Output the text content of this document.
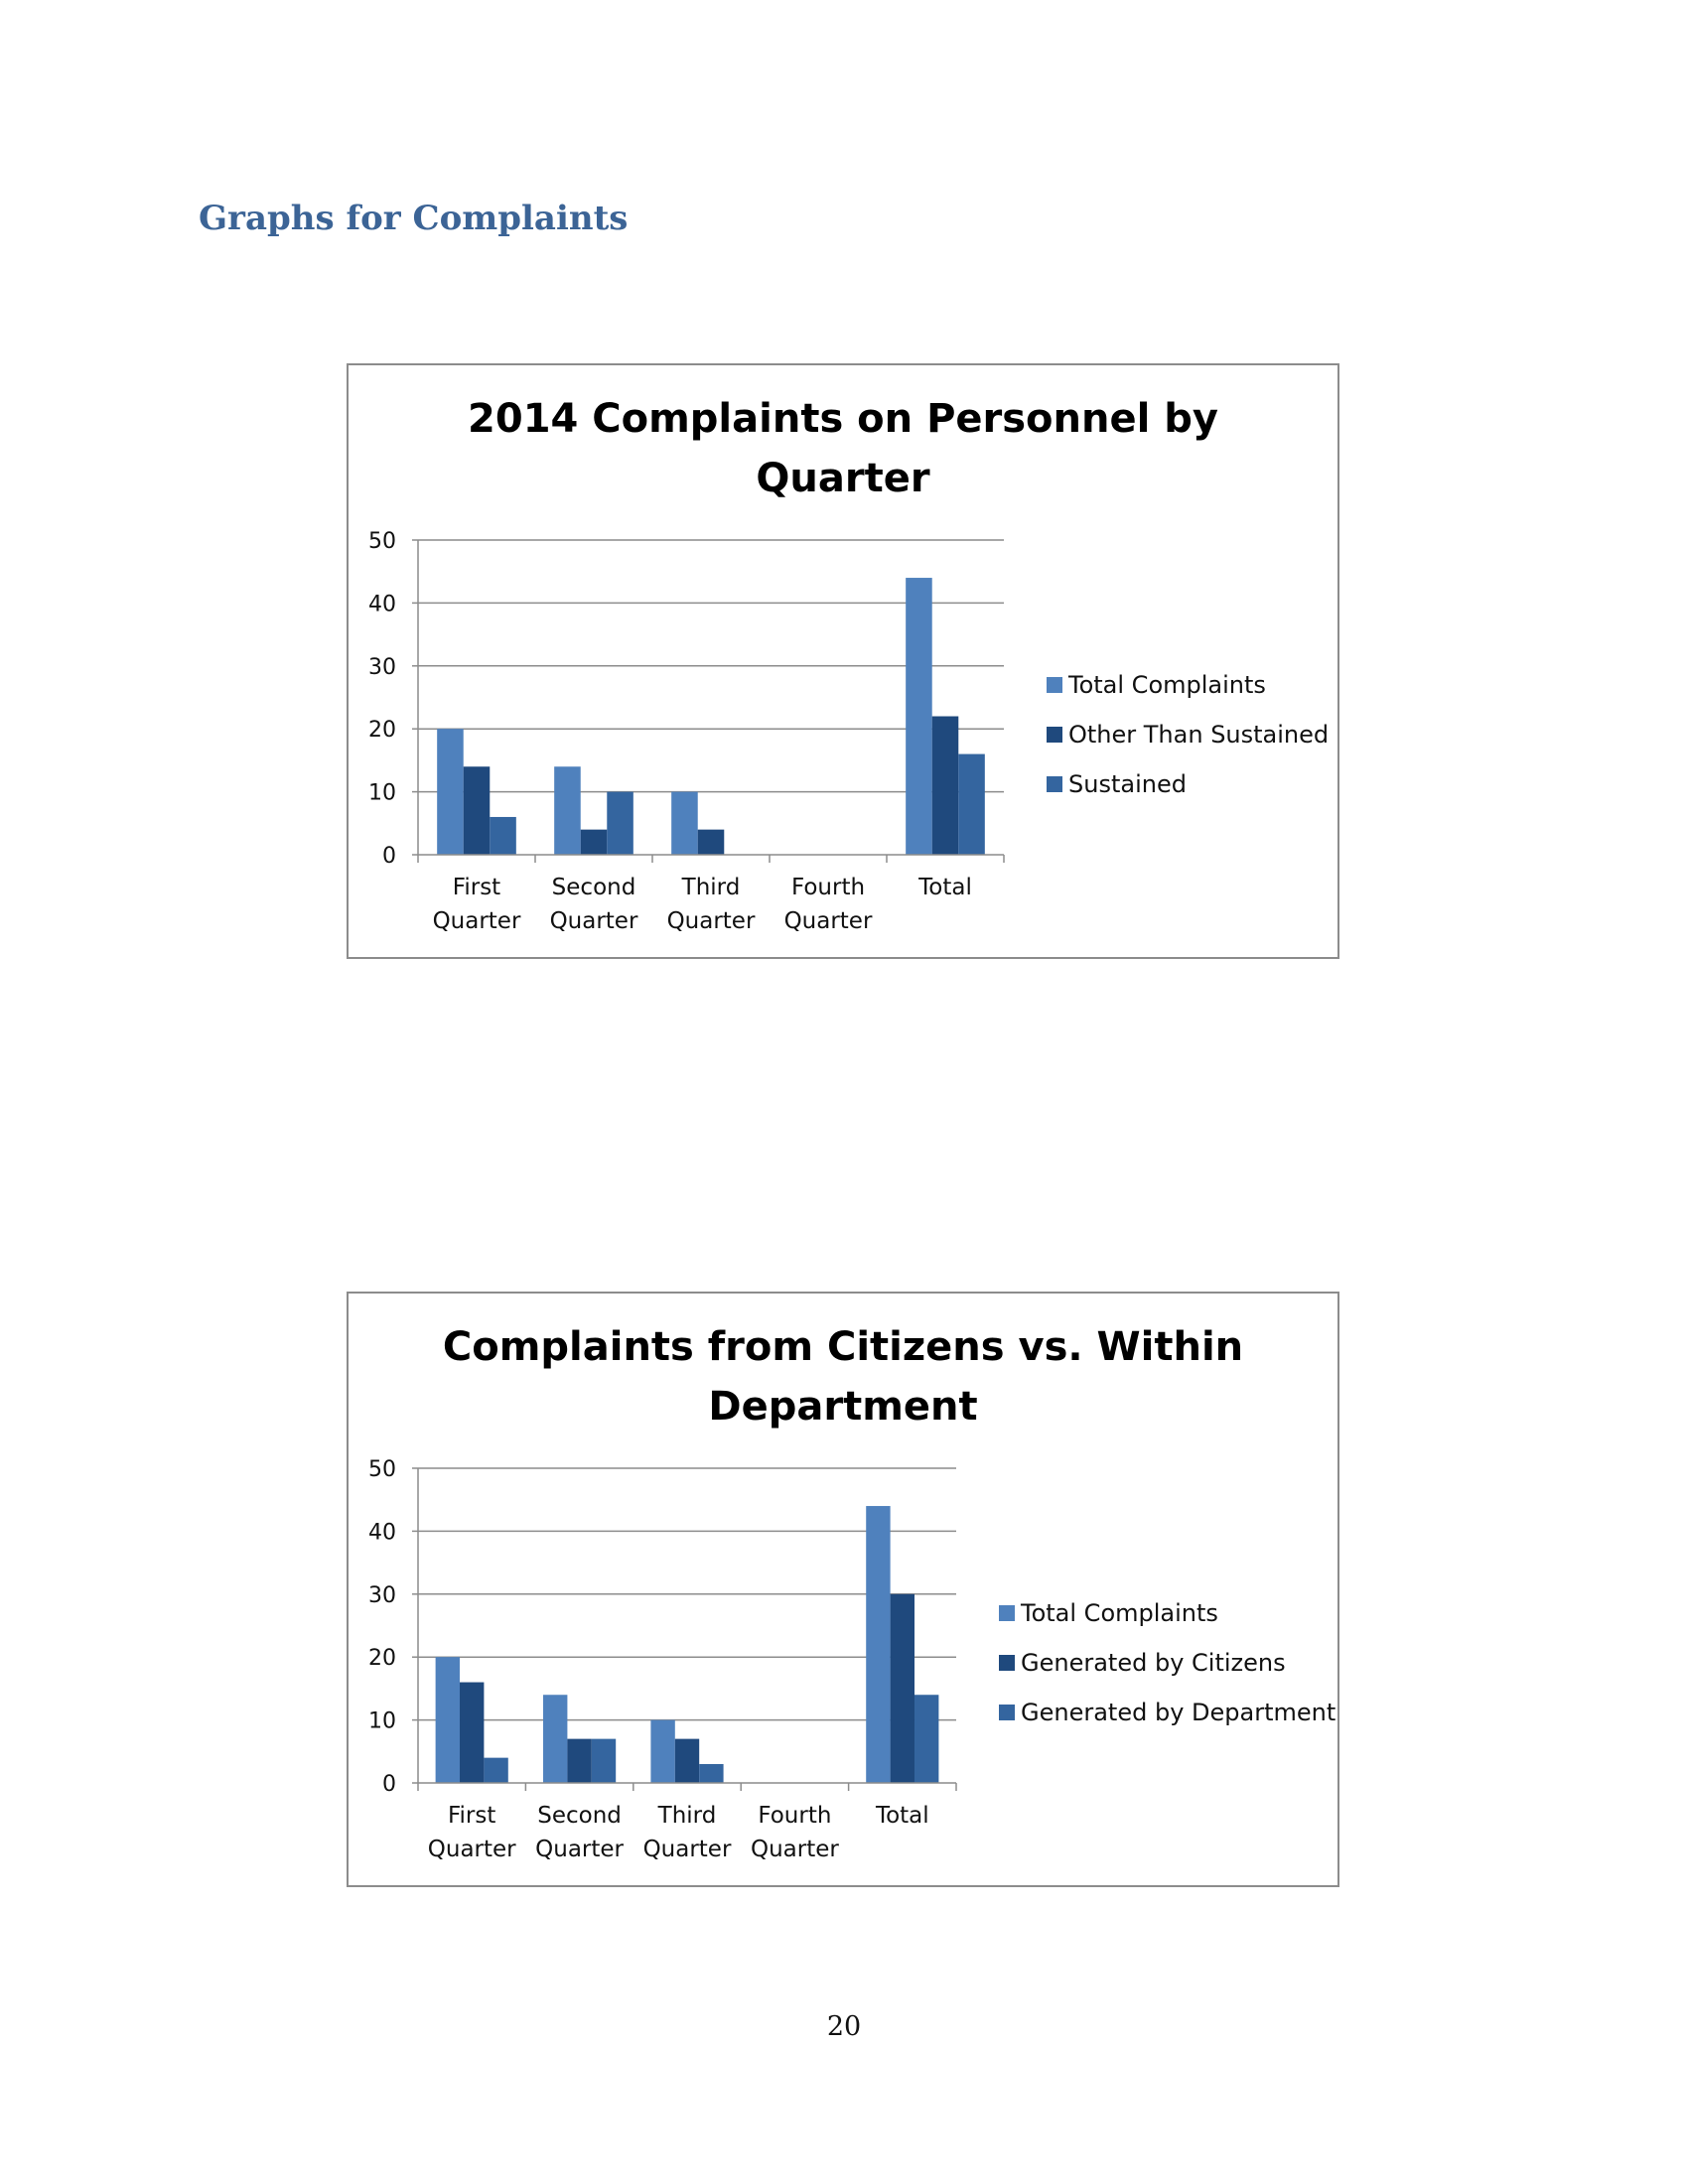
Graphs for Complaints
2014 Complaints on Personnel by
Quarter
0
10
20
30
40
50
First
Quarter
Second
Quarter
Third
Quarter
Fourth
Quarter
Total
Total Complaints
Other Than Sustained
Sustained
Complaints from Citizens vs. Within
Department
0
10
20
30
40
50
First
Quarter
Second
Quarter
Third
Quarter
Fourth
Quarter
Total
Total Complaints
Generated by Citizens
Generated by Department
20
